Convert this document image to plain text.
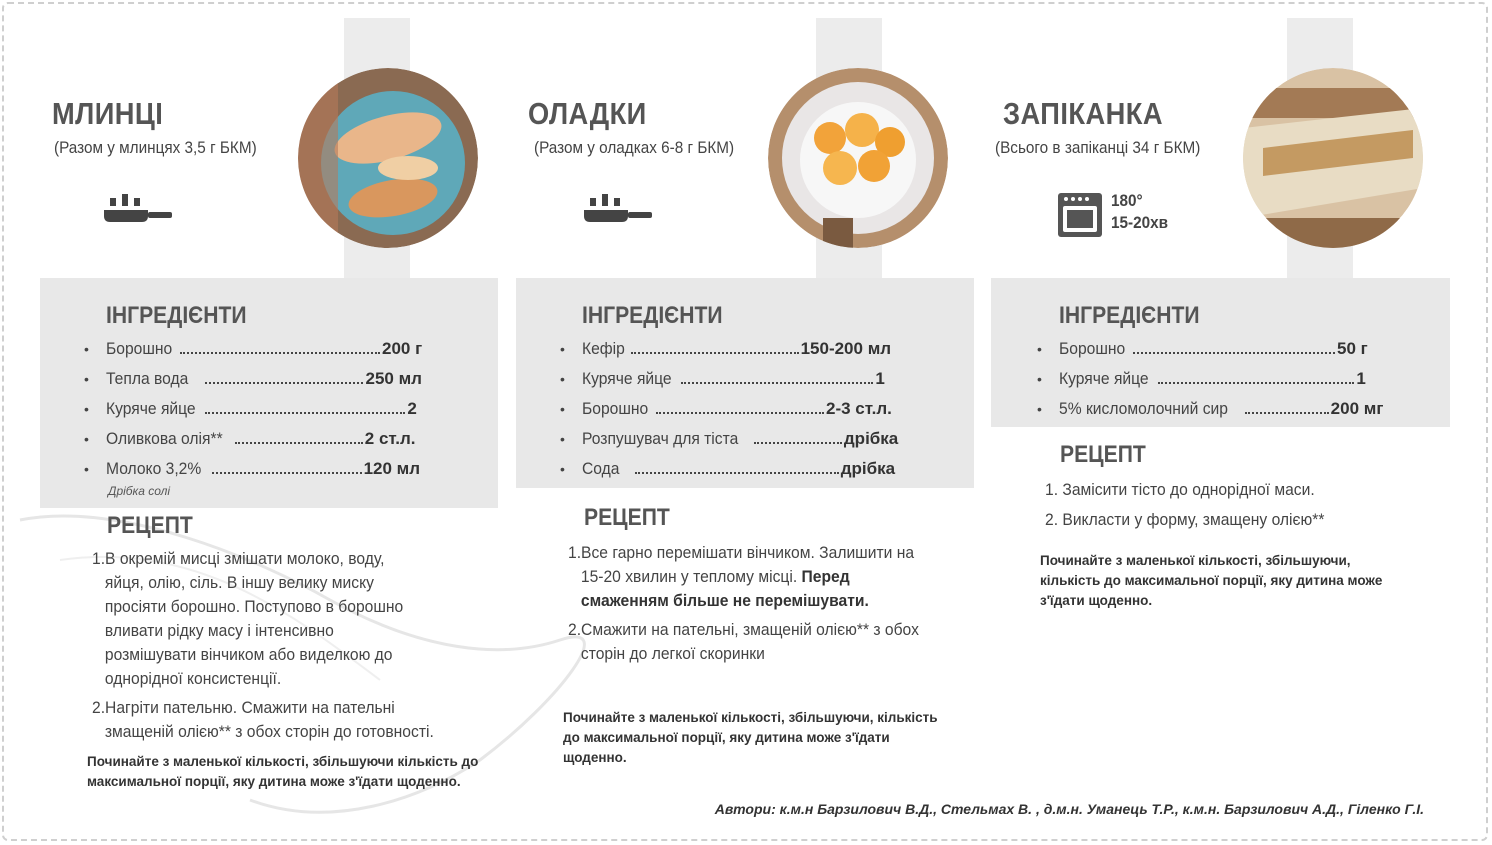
МЛИНЦІ
(Разом у млинцях 3,5 г БКМ)
ІНГРЕДІЄНТИ
•	Борошно	200 г
•	Тепла вода	250 мл
•	Куряче яйце	2
•	Оливкова олія**	2 ст.л.
•	Молоко 3,2%	120 мл
Дрібка солі
РЕЦЕПТ
1.В окремій мисці змішати молоко, воду, яйця, олію, сіль. В іншу велику миску просіяти борошно. Поступово в борошно вливати рідку масу і інтенсивно розмішувати вінчиком або виделкою до однорідної консистенції.
2.Нагріти пательню. Смажити на пательні змащеній олією** з обох сторін до готовності.
Починайте з маленької кількості, збільшуючи кількість до максимальної порції, яку дитина може з'їдати щоденно.
ОЛАДКИ
(Разом у оладках 6-8 г БКМ)
ІНГРЕДІЄНТИ
•	Кефір	150-200 мл
•	Куряче яйце	1
•	Борошно	2-3 ст.л.
•	Розпушувач для тіста	дрібка
•	Сода	дрібка
РЕЦЕПТ
1.Все гарно перемішати вінчиком. Залишити на 15-20 хвилин у теплому місці. Перед смаженням більше не перемішувати.
2.Смажити на пательні, змащеній олією** з обох сторін до легкої скоринки
Починайте з маленької кількості, збільшуючи, кількість до максимальної порції, яку дитина може з'їдати щоденно.
ЗАПІКАНКА
(Всього в запіканці 34 г БКМ)
180°
15-20хв
ІНГРЕДІЄНТИ
•	Борошно	50 г
•	Куряче яйце	1
•	5% кисломолочний сир	200 мг
РЕЦЕПТ
1. Замісити тісто до однорідної маси.
2. Викласти у форму, змащену олією**
Починайте з маленької кількості, збільшуючи, кількість до максимальної порції, яку дитина може з'їдати щоденно.
Автори: к.м.н Барзилович В.Д., Стельмах В. , д.м.н. Уманець Т.Р., к.м.н. Барзилович А.Д., Гіленко Г.І.
